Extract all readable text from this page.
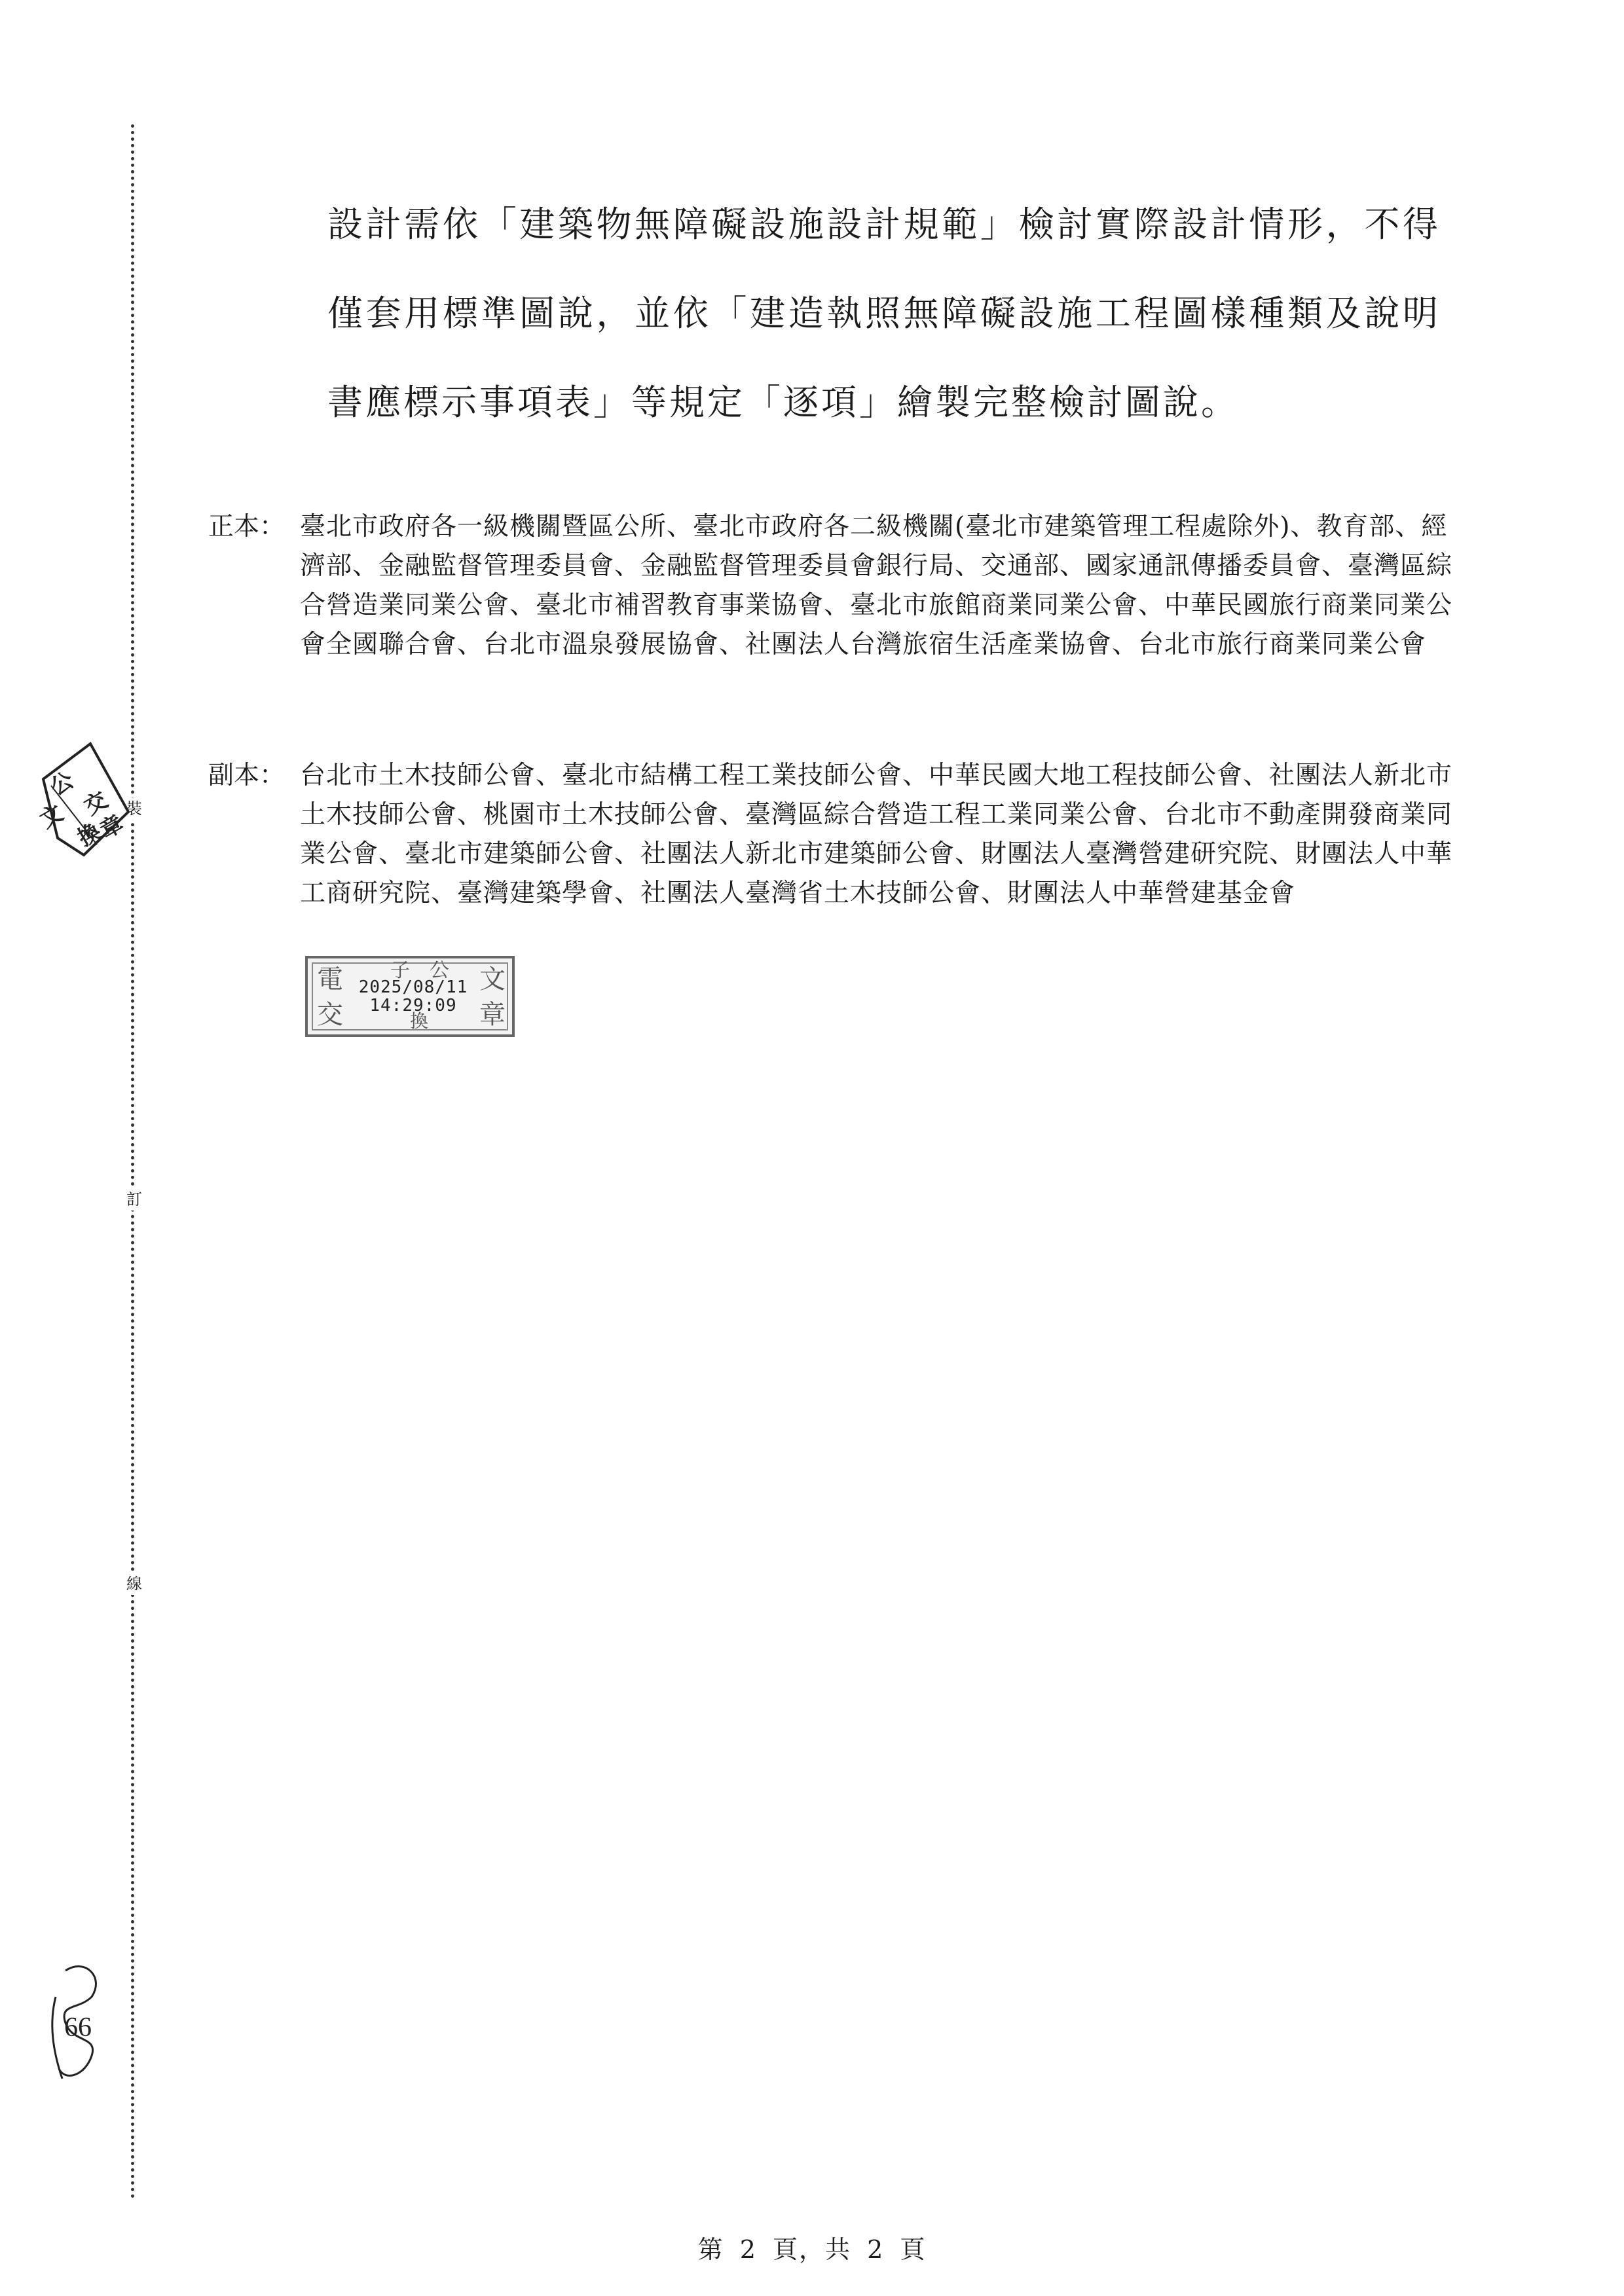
裝
訂
線
公
文 交
換
章
66
設計需依「建築物無障礙設施設計規範」檢討實際設計情形，不得僅套用標準圖說，並依「建造執照無障礙設施工程圖樣種類及說明書應標示事項表」等規定「逐項」繪製完整檢討圖說。
正本： 臺北市政府各一級機關暨區公所、臺北市政府各二級機關(臺北市建築管理工程處除外)、教育部、經濟部、金融監督管理委員會、金融監督管理委員會銀行局、交通部、國家通訊傳播委員會、臺灣區綜合營造業同業公會、臺北市補習教育事業協會、臺北市旅館商業同業公會、中華民國旅行商業同業公會全國聯合會、台北市溫泉發展協會、社團法人台灣旅宿生活產業協會、台北市旅行商業同業公會
副本： 台北市土木技師公會、臺北市結構工程工業技師公會、中華民國大地工程技師公會、社團法人新北市土木技師公會、桃園市土木技師公會、臺灣區綜合營造工程工業同業公會、台北市不動產開發商業同業公會、臺北市建築師公會、社團法人新北市建築師公會、財團法人臺灣營建研究院、財團法人中華工商研究院、臺灣建築學會、社團法人臺灣省土木技師公會、財團法人中華營建基金會
電 子 公 文
交	換 章
2025/08/11
14:29:09
第 2 頁，共 2 頁
